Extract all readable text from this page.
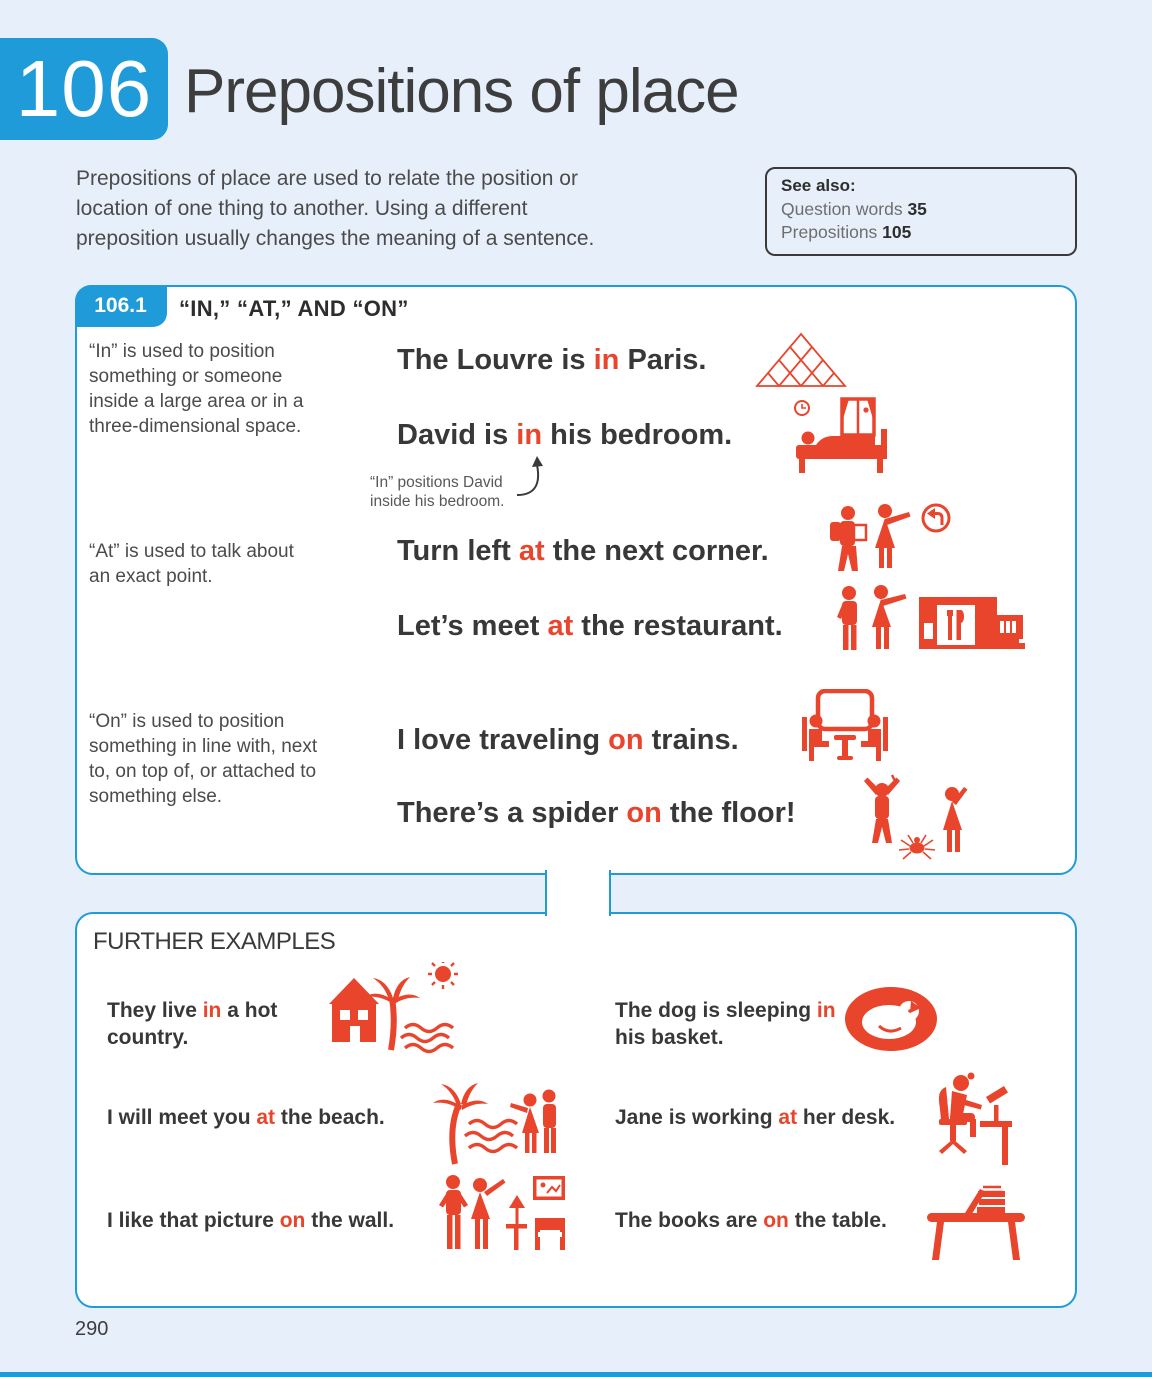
106 Prepositions of place

Prepositions of place are used to relate the position or location of one thing to another. Using a different preposition usually changes the meaning of a sentence.

See also:
Question words 35
Prepositions 105
106.1 “IN,” “AT,” AND “ON”
“In” is used to position something or someone inside a large area or in a three-dimensional space.
“At” is used to talk about an exact point.
“On” is used to position something in line with, next to, on top of, or attached to something else.
The Louvre is in Paris.
David is in his bedroom.
“In” positions David
inside his bedroom.
Turn left at the next corner.
Let’s meet at the restaurant.
I love traveling on trains.
There’s a spider on the floor!
FURTHER EXAMPLES
They live in a hot country.
The dog is sleeping in his basket.
I will meet you at the beach.	Jane is working at her desk.
I like that picture on the wall.	The books are on the table.
290
